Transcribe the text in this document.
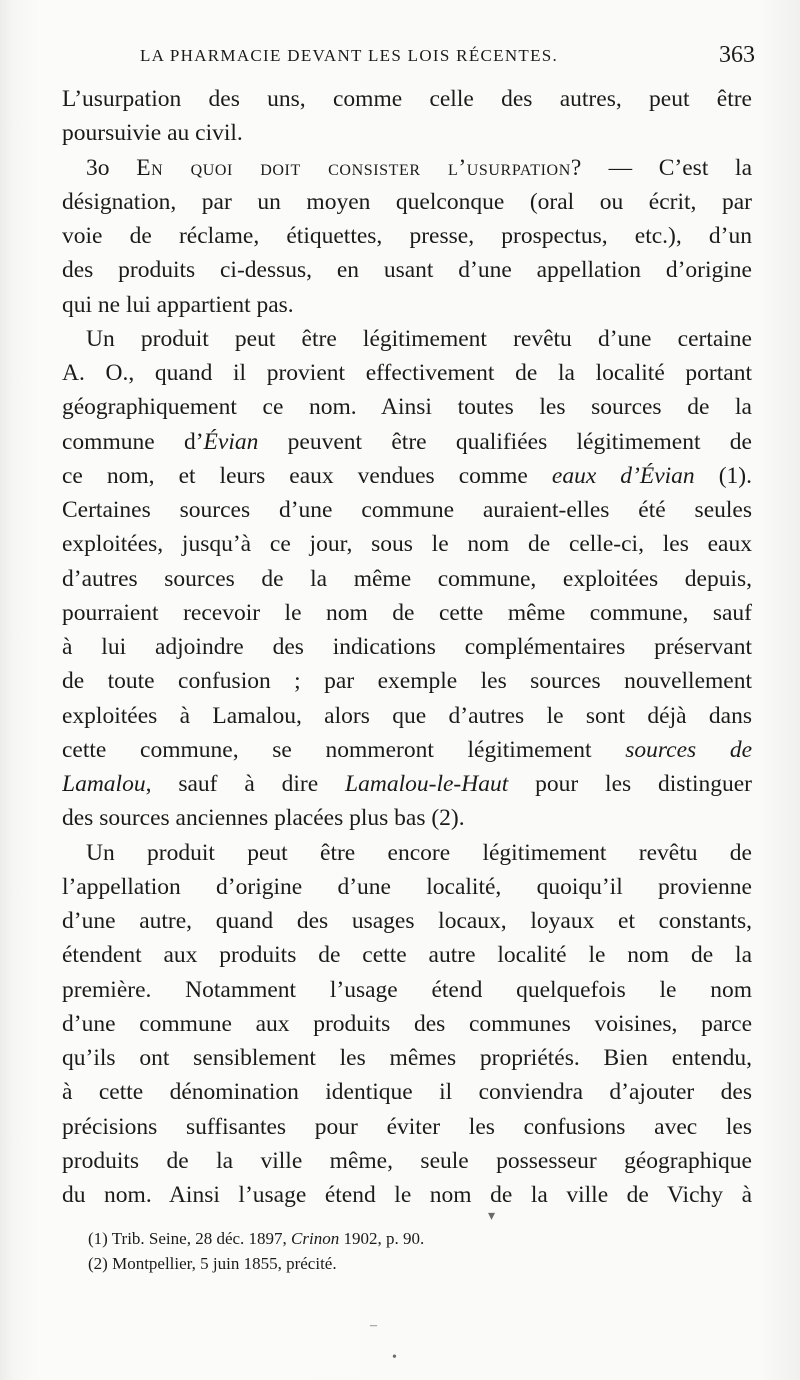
LA PHARMACIE DEVANT LES LOIS RÉCENTES.	363
L’usurpation des uns, comme celle des autres, peut être
poursuivie au civil.
3o En quoi doit consister l’usurpation? — C’est la
désignation, par un moyen quelconque (oral ou écrit, par
voie de réclame, étiquettes, presse, prospectus, etc.), d’un
des produits ci-dessus, en usant d’une appellation d’origine
qui ne lui appartient pas.
Un produit peut être légitimement revêtu d’une certaine
A. O., quand il provient effectivement de la localité portant
géographiquement ce nom. Ainsi toutes les sources de la
commune d’Évian peuvent être qualifiées légitimement de
ce nom, et leurs eaux vendues comme eaux d’Évian (1).
Certaines sources d’une commune auraient-elles été seules
exploitées, jusqu’à ce jour, sous le nom de celle-ci, les eaux
d’autres sources de la même commune, exploitées depuis,
pourraient recevoir le nom de cette même commune, sauf
à lui adjoindre des indications complémentaires préservant
de toute confusion ; par exemple les sources nouvellement
exploitées à Lamalou, alors que d’autres le sont déjà dans
cette commune, se nommeront légitimement sources de
Lamalou, sauf à dire Lamalou-le-Haut pour les distinguer
des sources anciennes placées plus bas (2).
Un produit peut être encore légitimement revêtu de
l’appellation d’origine d’une localité, quoiqu’il provienne
d’une autre, quand des usages locaux, loyaux et constants,
étendent aux produits de cette autre localité le nom de la
première. Notamment l’usage étend quelquefois le nom
d’une commune aux produits des communes voisines, parce
qu’ils ont sensiblement les mêmes propriétés. Bien entendu,
à cette dénomination identique il conviendra d’ajouter des
précisions suffisantes pour éviter les confusions avec les
produits de la ville même, seule possesseur géographique
du nom. Ainsi l’usage étend le nom de la ville de Vichy à
(1) Trib. Seine, 28 déc. 1897, Crinon 1902, p. 90.
(2) Montpellier, 5 juin 1855, précité.
▾
–
•
